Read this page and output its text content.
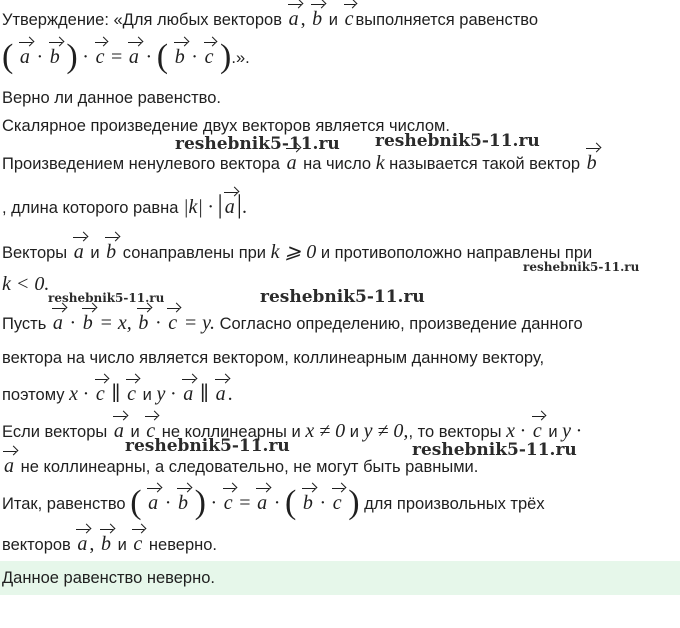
Утверждение: «Для любых векторов a , b и c выполняется равенство
( a · b ) · c = a · ( b · c ).».
Верно ли данное равенство.
Скалярное произведение двух векторов является числом.
Произведением ненулевого вектора a на число k называется такой вектор b
, длина которого равна |k| · | a|.
Векторы a и b сонаправлены при k ⩾ 0 и противоположно направлены при
k < 0.
Пусть a · b = x, b · c = y. Согласно определению, произведение данного
вектора на число является вектором, коллинеарным данному вектору,
поэтому x · c ∥ c и y · a ∥ a .
Если векторы a и c не коллинеарны и x ≠ 0 и y ≠ 0,, то векторы x · c и y ·
a не коллинеарны, а следовательно, не могут быть равными.
Итак, равенство ( a · b ) · c = a · ( b · c ) для произвольных трёх
векторов a , b и c неверно.
Данное равенство неверно.
reshebnik5-11.ru reshebnik5-11.ru
reshebnik5-11.ru
reshebnik5-11.ru	reshebnik5-11.ru
reshebnik5-11.ru	reshebnik5-11.ru
